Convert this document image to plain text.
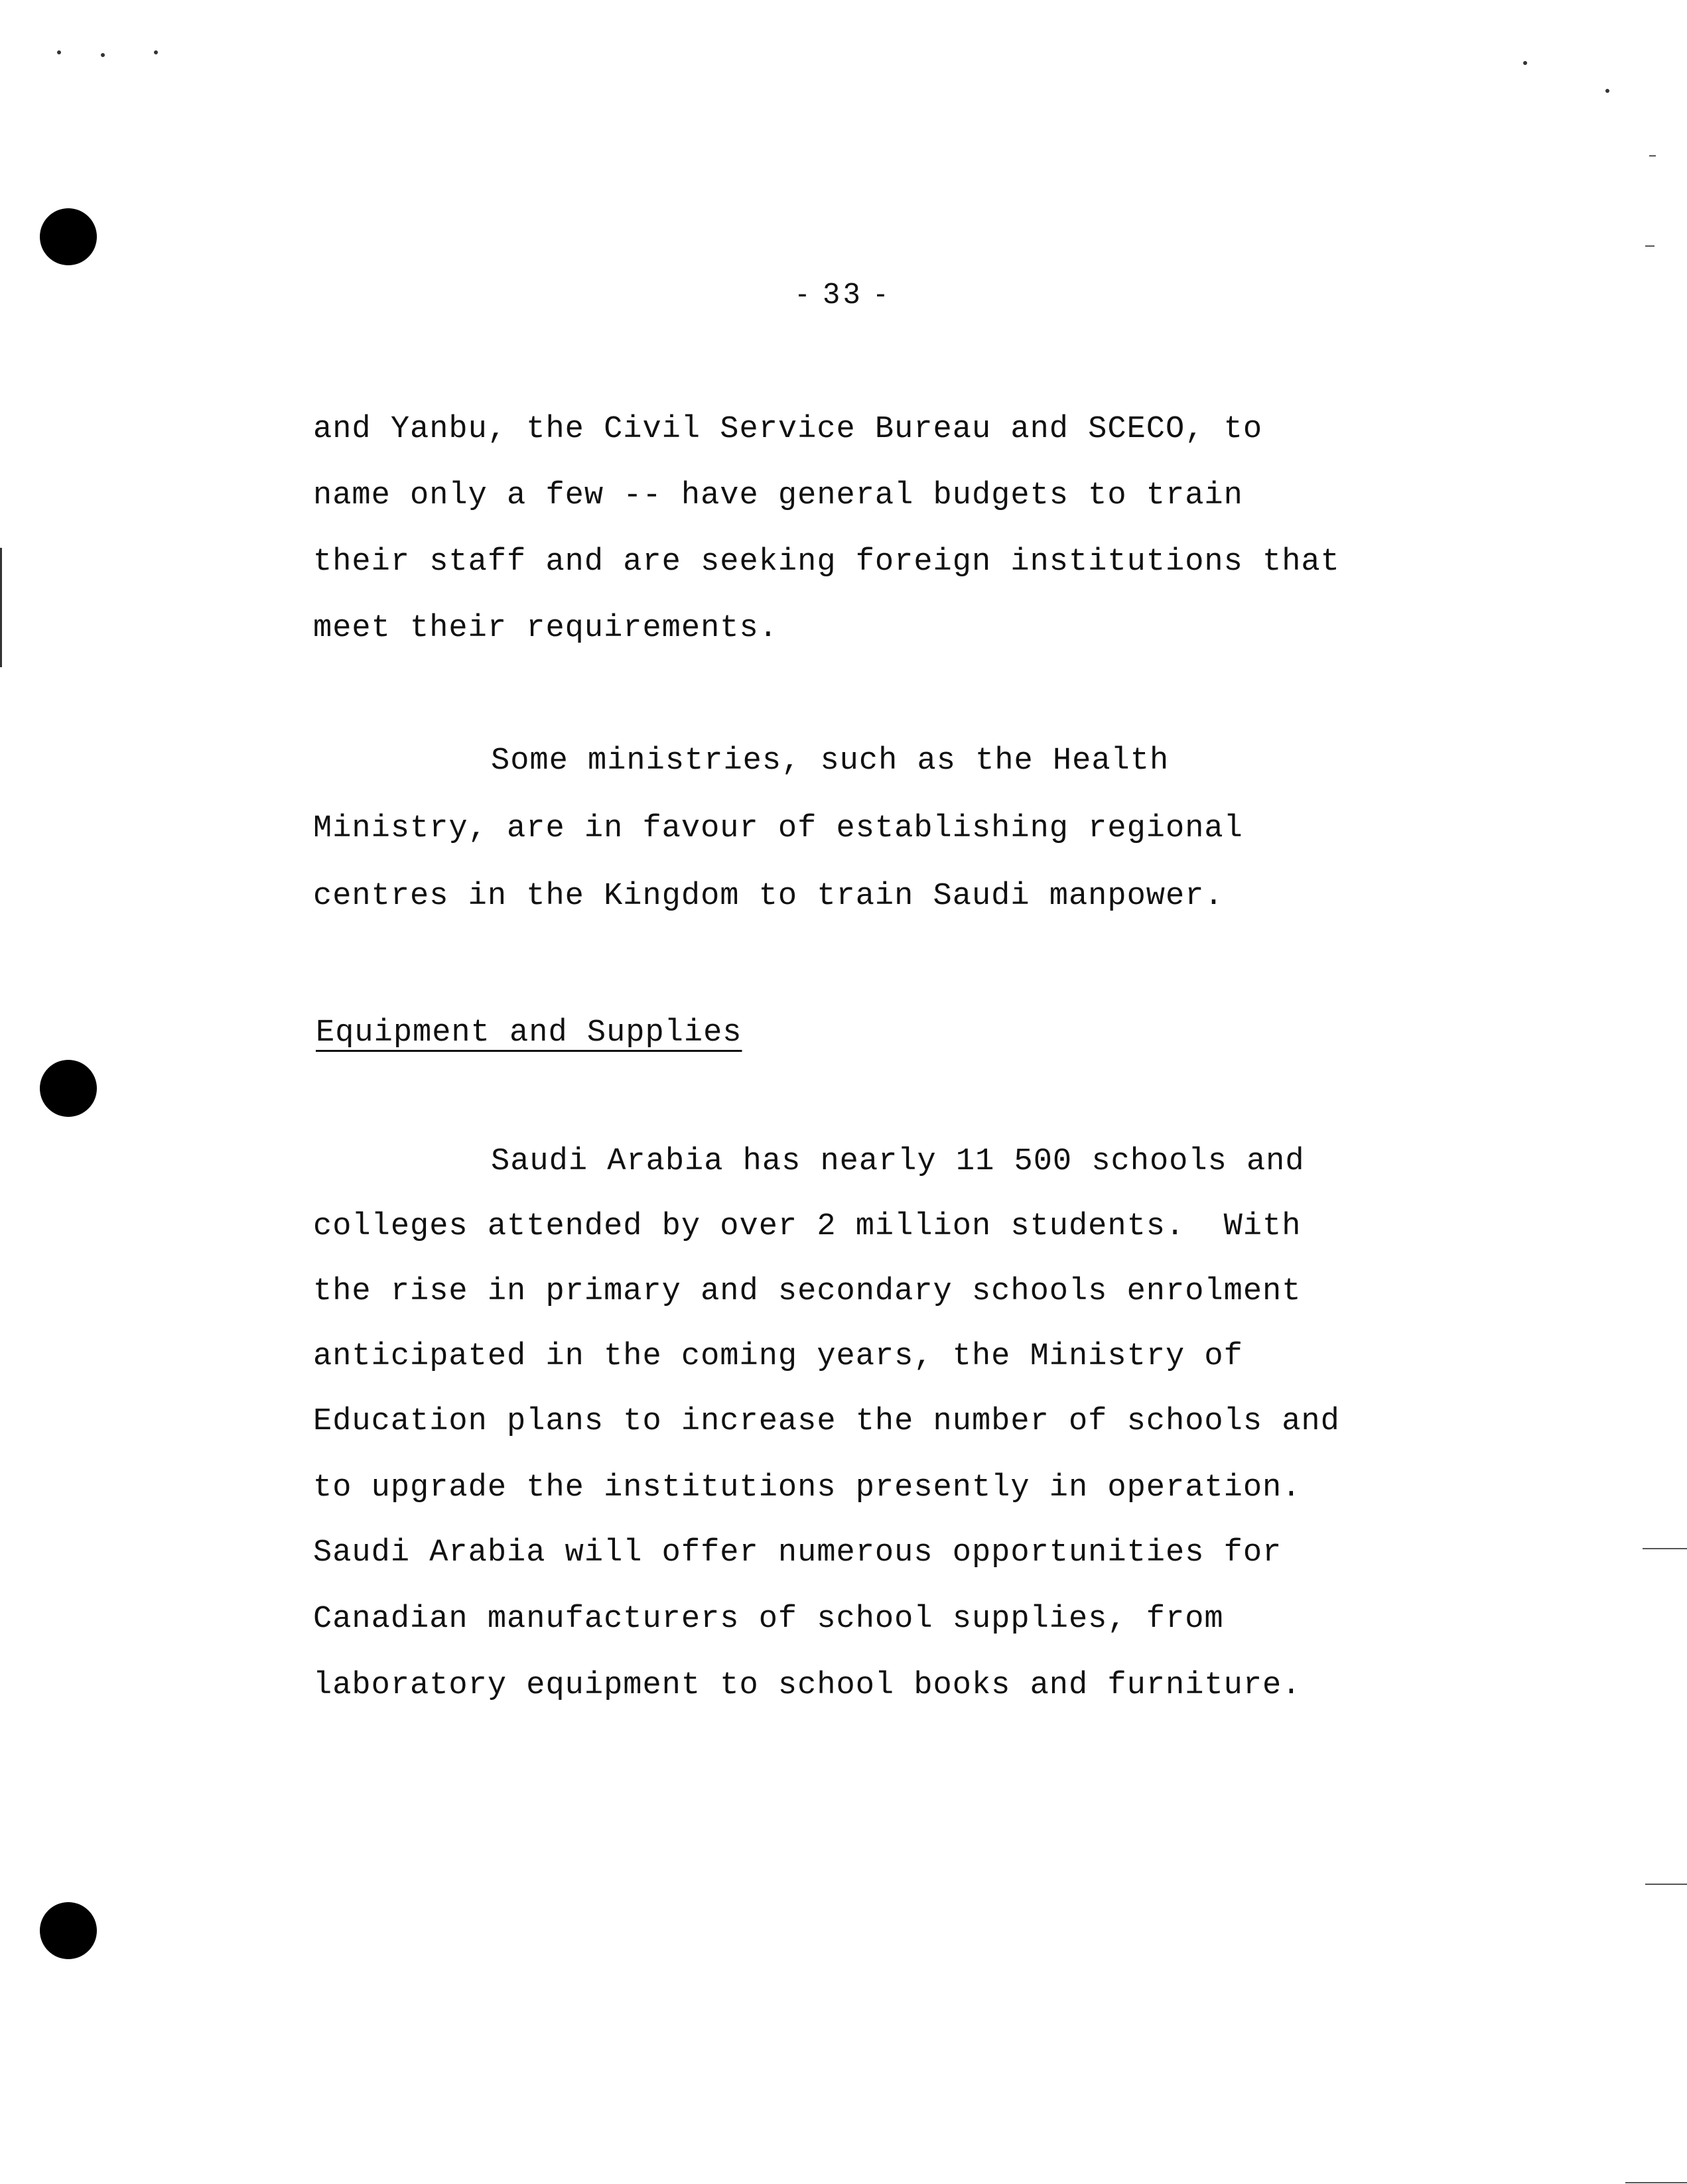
- 33 -
and Yanbu, the Civil Service Bureau and SCECO, to
name only a few -- have general budgets to train
their staff and are seeking foreign institutions that
meet their requirements.
Some ministries, such as the Health
Ministry, are in favour of establishing regional
centres in the Kingdom to train Saudi manpower.
Equipment and Supplies
Saudi Arabia has nearly 11 500 schools and
colleges attended by over 2 million students.  With
the rise in primary and secondary schools enrolment
anticipated in the coming years, the Ministry of
Education plans to increase the number of schools and
to upgrade the institutions presently in operation.
Saudi Arabia will offer numerous opportunities for
Canadian manufacturers of school supplies, from
laboratory equipment to school books and furniture.
